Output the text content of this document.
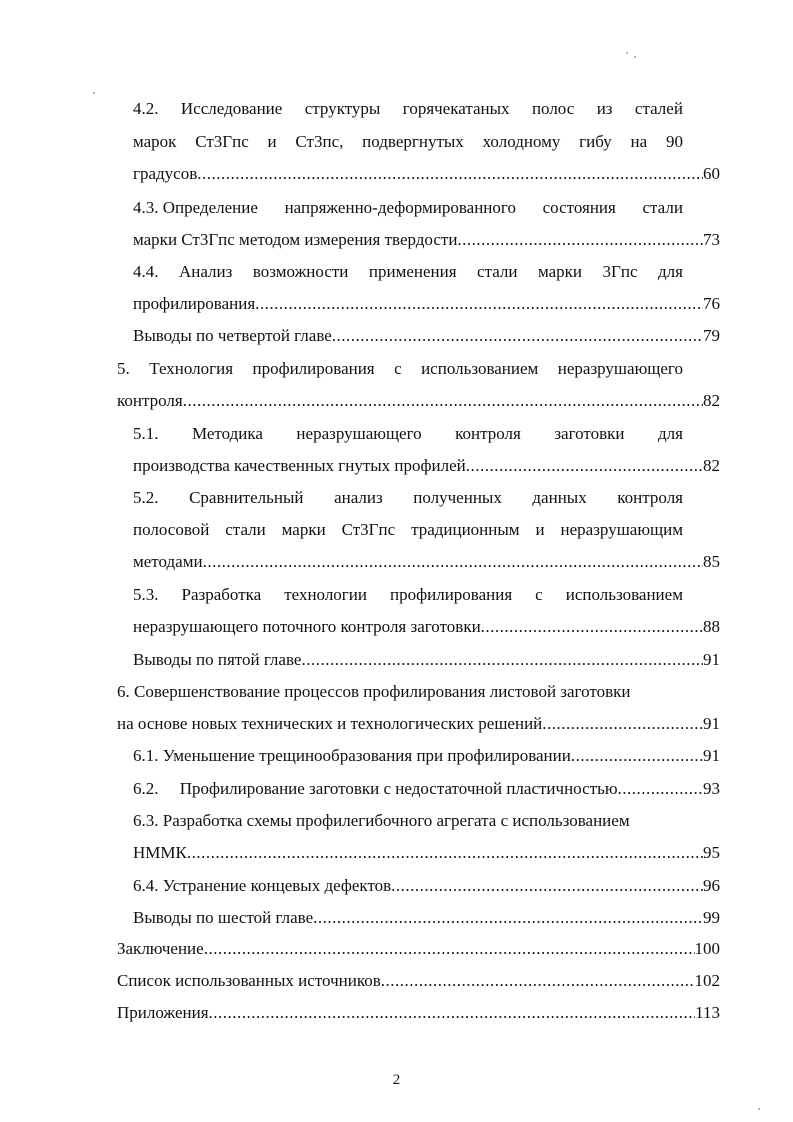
4.2. Исследование структуры горячекатаных полос из сталей
марок Ст3Гпс и Ст3пс, подвергнутых холодному гибу на 90
градусов .....	60
4.3. Определение напряженно-деформированного состояния стали
марки Ст3Гпс методом измерения твердости .....	73
4.4. Анализ возможности применения стали марки 3Гпс для
профилирования .....	76
Выводы по четвертой главе .....	79
5. Технология профилирования с использованием неразрушающего
контроля .....	82
5.1. Методика неразрушающего контроля заготовки для
производства качественных гнутых профилей .....	82
5.2. Сравнительный анализ полученных данных контроля
полосовой стали марки Ст3Гпс традиционным и неразрушающим
методами .....	85
5.3. Разработка технологии профилирования с использованием
неразрушающего поточного контроля заготовки .....	88
Выводы по пятой главе .....	91
6. Совершенствование процессов профилирования листовой заготовки
на основе новых технических и технологических решений .....	91
6.1. Уменьшение трещинообразования при профилировании .....	91
6.2.     Профилирование заготовки с недостаточной пластичностью .....	93
6.3. Разработка схемы профилегибочного агрегата с использованием
НММК .....	95
6.4. Устранение концевых дефектов .....	96
Выводы по шестой главе .....	99
Заключение .....	100
Список использованных источников .....	102
Приложения .....	113
2
